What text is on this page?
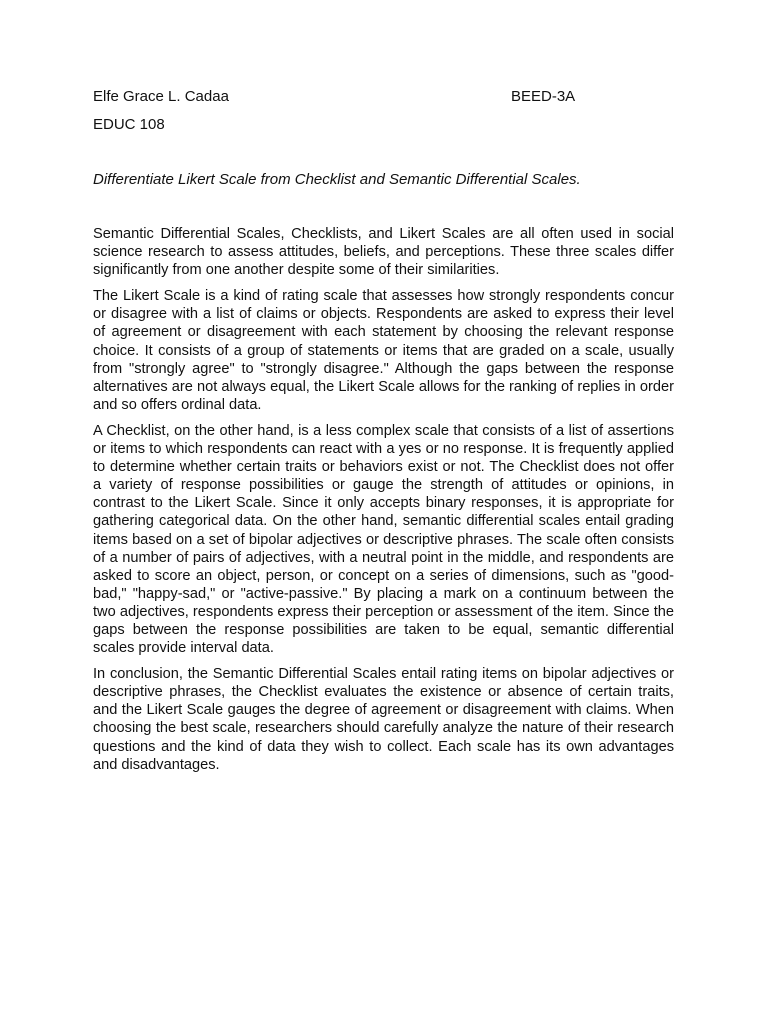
Elfe Grace L. Cadaa	BEED-3A
EDUC 108
Differentiate Likert Scale from Checklist and Semantic Differential Scales.

Semantic Differential Scales, Checklists, and Likert Scales are all often used in social science research to assess attitudes, beliefs, and perceptions. These three scales differ significantly from one another despite some of their similarities.

The Likert Scale is a kind of rating scale that assesses how strongly respondents concur or disagree with a list of claims or objects. Respondents are asked to express their level of agreement or disagreement with each statement by choosing the relevant response choice. It consists of a group of statements or items that are graded on a scale, usually from "strongly agree" to "strongly disagree." Although the gaps between the response alternatives are not always equal, the Likert Scale allows for the ranking of replies in order and so offers ordinal data.

A Checklist, on the other hand, is a less complex scale that consists of a list of assertions or items to which respondents can react with a yes or no response. It is frequently applied to determine whether certain traits or behaviors exist or not. The Checklist does not offer a variety of response possibilities or gauge the strength of attitudes or opinions, in contrast to the Likert Scale. Since it only accepts binary responses, it is appropriate for gathering categorical data. On the other hand, semantic differential scales entail grading items based on a set of bipolar adjectives or descriptive phrases. The scale often consists of a number of pairs of adjectives, with a neutral point in the middle, and respondents are asked to score an object, person, or concept on a series of dimensions, such as "good-bad," "happy-sad," or "active-passive." By placing a mark on a continuum between the two adjectives, respondents express their perception or assessment of the item. Since the gaps between the response possibilities are taken to be equal, semantic differential scales provide interval data.

In conclusion, the Semantic Differential Scales entail rating items on bipolar adjectives or descriptive phrases, the Checklist evaluates the existence or absence of certain traits, and the Likert Scale gauges the degree of agreement or disagreement with claims. When choosing the best scale, researchers should carefully analyze the nature of their research questions and the kind of data they wish to collect. Each scale has its own advantages and disadvantages.
